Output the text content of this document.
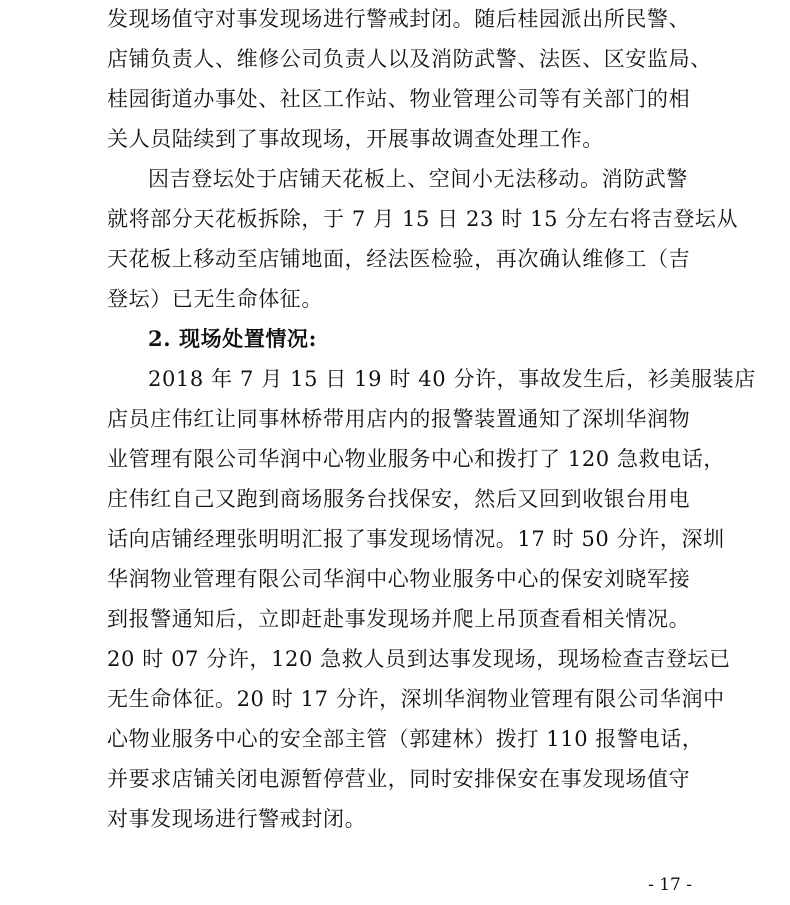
发现场值守对事发现场进行警戒封闭。随后桂园派出所民警、
店铺负责人、维修公司负责人以及消防武警、法医、区安监局、
桂园街道办事处、社区工作站、物业管理公司等有关部门的相
关人员陆续到了事故现场，开展事故调查处理工作。
因吉登坛处于店铺天花板上、空间小无法移动。消防武警
就将部分天花板拆除，于 7 月 15 日 23 时 15 分左右将吉登坛从
天花板上移动至店铺地面，经法医检验，再次确认维修工（吉
登坛）已无生命体征。
2. 现场处置情况:
2018 年 7 月 15 日 19 时 40 分许，事故发生后，衫美服装店
店员庄伟红让同事林桥带用店内的报警装置通知了深圳华润物
业管理有限公司华润中心物业服务中心和拨打了 120 急救电话，
庄伟红自己又跑到商场服务台找保安，然后又回到收银台用电
话向店铺经理张明明汇报了事发现场情况。17 时 50 分许，深圳
华润物业管理有限公司华润中心物业服务中心的保安刘晓军接
到报警通知后，立即赶赴事发现场并爬上吊顶查看相关情况。
20 时 07 分许，120 急救人员到达事发现场，现场检查吉登坛已
无生命体征。20 时 17 分许，深圳华润物业管理有限公司华润中
心物业服务中心的安全部主管（郭建林）拨打 110 报警电话，
并要求店铺关闭电源暂停营业，同时安排保安在事发现场值守
对事发现场进行警戒封闭。
- 17 -
